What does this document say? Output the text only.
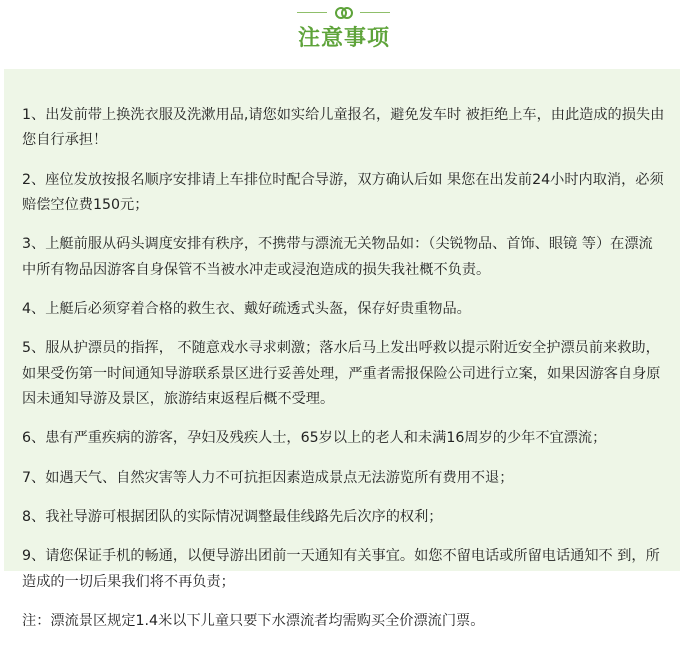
注意事项

1、出发前带上换洗衣服及洗漱用品,请您如实给儿童报名，避免发车时 被拒绝上车，由此造成的损失由您自行承担！

2、座位发放按报名顺序安排请上车排位时配合导游，双方确认后如 果您在出发前24小时内取消，必须赔偿空位费150元；

3、上艇前服从码头调度安排有秩序，不携带与漂流无关物品如：（尖锐物品、首饰、眼镜 等）在漂流中所有物品因游客自身保管不当被水冲走或浸泡造成的损失我社概不负责。

4、上艇后必须穿着合格的救生衣、戴好疏透式头盔，保存好贵重物品。

5、服从护漂员的指挥， 不随意戏水寻求刺激；落水后马上发出呼救以提示附近安全护漂员前来救助，如果受伤第一时间通知导游联系景区进行妥善处理，严重者需报保险公司进行立案，如果因游客自身原因未通知导游及景区，旅游结束返程后概不受理。

6、患有严重疾病的游客，孕妇及残疾人士，65岁以上的老人和未满16周岁的少年不宜漂流；

7、如遇天气、自然灾害等人力不可抗拒因素造成景点无法游览所有费用不退；

8、我社导游可根据团队的实际情况调整最佳线路先后次序的权利；

9、请您保证手机的畅通，以便导游出团前一天通知有关事宜。如您不留电话或所留电话通知不 到，所造成的一切后果我们将不再负责；

注：漂流景区规定1.4米以下儿童只要下水漂流者均需购买全价漂流门票。
